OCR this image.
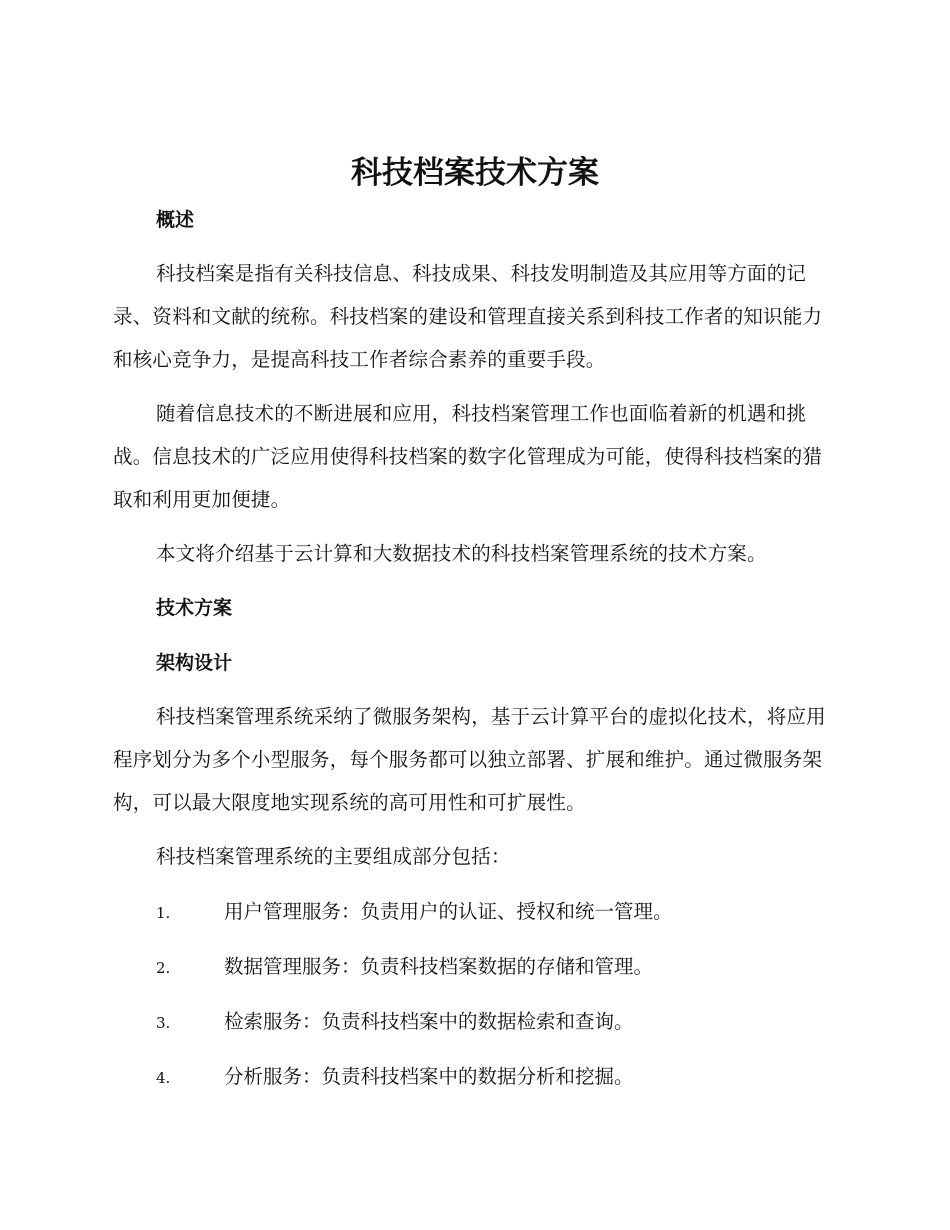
科技档案技术方案
概述

科技档案是指有关科技信息、科技成果、科技发明制造及其应用等方面的记录、资料和文献的统称。科技档案的建设和管理直接关系到科技工作者的知识能力和核心竞争力，是提高科技工作者综合素养的重要手段。

随着信息技术的不断进展和应用，科技档案管理工作也面临着新的机遇和挑战。信息技术的广泛应用使得科技档案的数字化管理成为可能，使得科技档案的猎取和利用更加便捷。

本文将介绍基于云计算和大数据技术的科技档案管理系统的技术方案。

技术方案
架构设计

科技档案管理系统采纳了微服务架构，基于云计算平台的虚拟化技术，将应用程序划分为多个小型服务，每个服务都可以独立部署、扩展和维护。通过微服务架构，可以最大限度地实现系统的高可用性和可扩展性。

科技档案管理系统的主要组成部分包括：

1.	用户管理服务：负责用户的认证、授权和统一管理。
2.	数据管理服务：负责科技档案数据的存储和管理。
3.	检索服务：负责科技档案中的数据检索和查询。
4.	分析服务：负责科技档案中的数据分析和挖掘。
